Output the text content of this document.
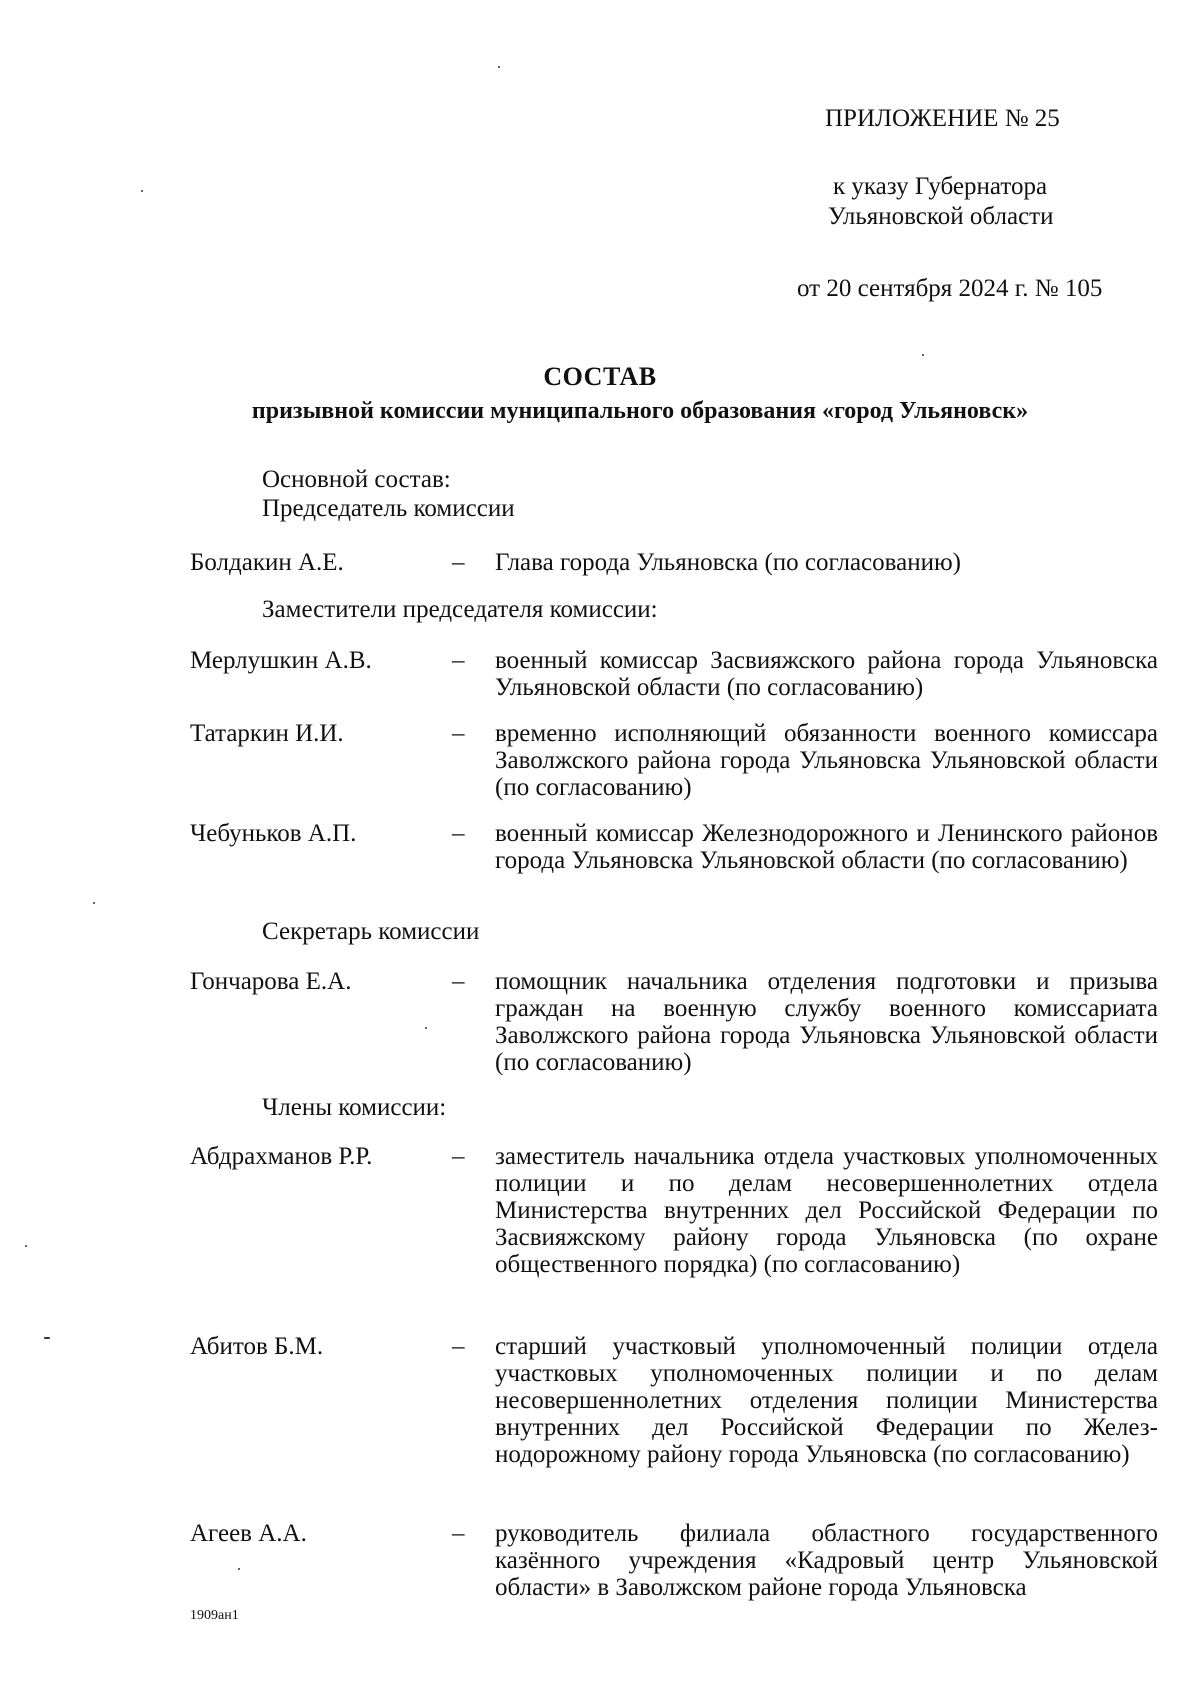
ПРИЛОЖЕНИЕ № 25
к указу Губернатора
Ульяновской области
от 20 сентября 2024 г. № 105
СОСТАВ
призывной комиссии муниципального образования «город Ульяновск»
Основной состав:
Председатель комиссии
Болдакин А.Е.	– Глава города Ульяновска (по согласованию)
Заместители председателя комиссии:
Мерлушкин А.В.	– военный комиссар Засвияжского района города Ульяновска Ульяновской области (по согласованию)
Татаркин И.И.	– временно исполняющий обязанности военного комиссара Заволжского района города Ульяновска Ульяновской области (по согласованию)
Чебуньков А.П.	– военный комиссар Железнодорожного и Ленинского районов города Ульяновска Ульяновской области (по согласованию)
Секретарь комиссии
Гончарова Е.А.	– помощник начальника отделения подготовки и призыва граждан на военную службу военного комиссариата Заволжского района города Ульяновска Ульяновской области (по согласованию)
Члены комиссии:
Абдрахманов Р.Р.	– заместитель начальника отдела участковых уполномоченных полиции и по делам несовершеннолетних отдела Министерства внутренних дел Российской Федерации по Засвияжскому району города Ульяновска (по охране общественного порядка) (по согласованию)
Абитов Б.М.	– старший участковый уполномоченный полиции отдела участковых уполномоченных полиции и по делам несовершеннолетних отделения полиции Министерства внутренних дел Российской Федерации по Железнодорожному району города Ульяновска (по согласованию)
Агеев А.А.	– руководитель филиала областного государственного казённого учреждения «Кадровый центр Ульяновской области» в Заволжском районе города Ульяновска
1909ан1
